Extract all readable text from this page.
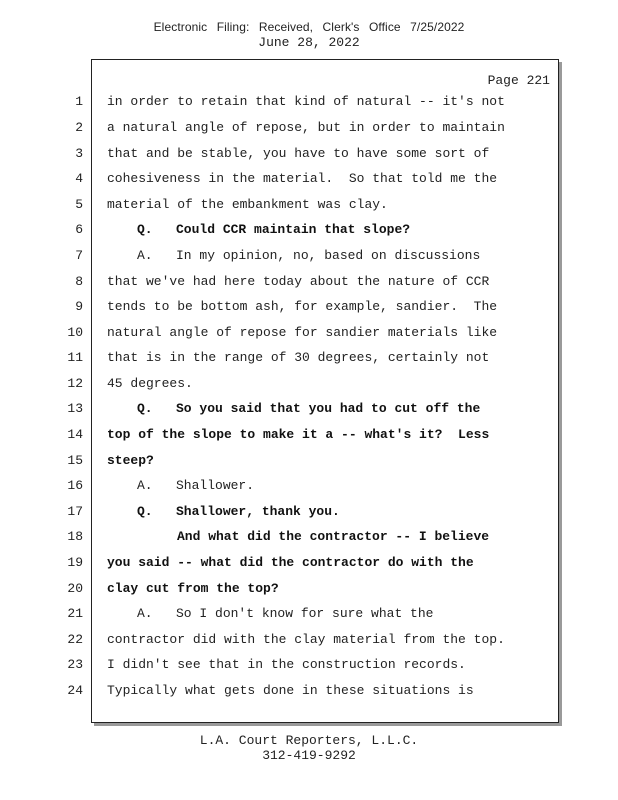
Electronic Filing: Received, Clerk's Office 7/25/2022
June 28, 2022
Page 221
1 in order to retain that kind of natural -- it's not
2 a natural angle of repose, but in order to maintain
3 that and be stable, you have to have some sort of
4 cohesiveness in the material.  So that told me the
5 material of the embankment was clay.
6	Q.   Could CCR maintain that slope?
7	A.   In my opinion, no, based on discussions
8 that we've had here today about the nature of CCR
9 tends to be bottom ash, for example, sandier.  The
10 natural angle of repose for sandier materials like
11 that is in the range of 30 degrees, certainly not
12 45 degrees.
13	Q.   So you said that you had to cut off the
14 top of the slope to make it a -- what's it?  Less
15 steep?
16	A.   Shallower.
17	Q.   Shallower, thank you.
18	And what did the contractor -- I believe
19 you said -- what did the contractor do with the
20 clay cut from the top?
21	A.   So I don't know for sure what the
22 contractor did with the clay material from the top.
23 I didn't see that in the construction records.
24 Typically what gets done in these situations is
L.A. Court Reporters, L.L.C.
312-419-9292
